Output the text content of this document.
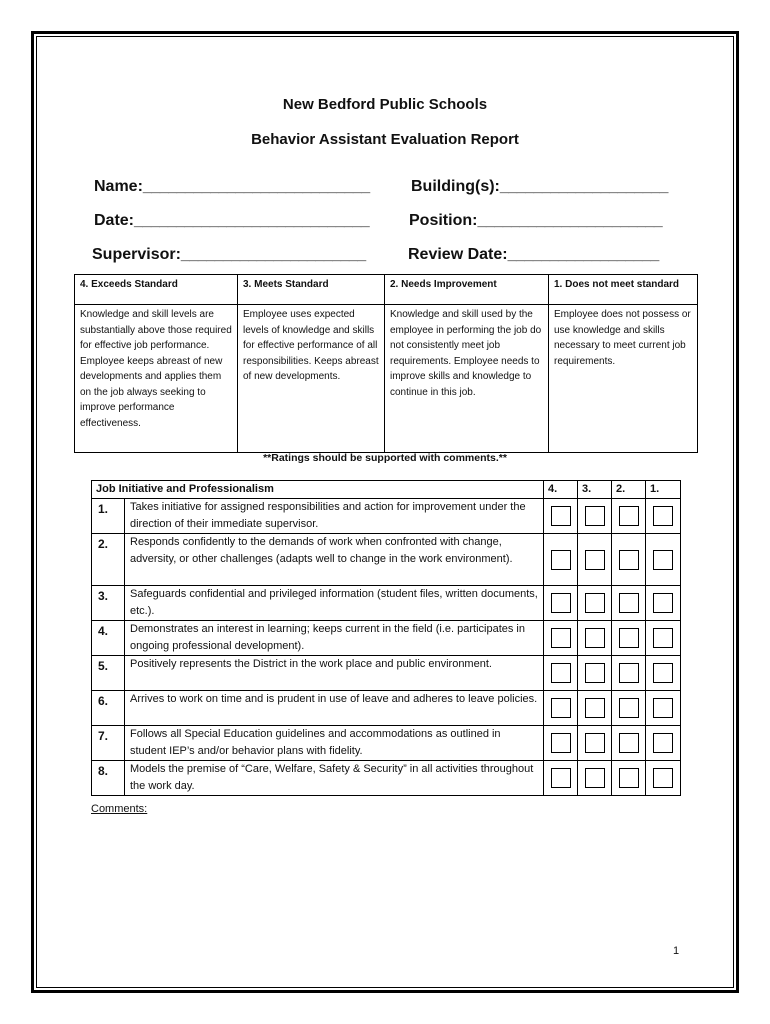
New Bedford Public Schools
Behavior Assistant Evaluation Report
Name:___________________________	Building(s):____________________
Date:____________________________ Position:______________________
Supervisor:______________________	Review Date:__________________
4. Exceeds Standard	3. Meets Standard	2. Needs Improvement	1. Does not meet standard
Knowledge and skill levels are substantially above those required for effective job performance. Employee keeps abreast of new developments and applies them on the job always seeking to improve performance effectiveness.	Employee uses expected levels of knowledge and skills for effective performance of all responsibilities. Keeps abreast of new developments.	Knowledge and skill used by the employee in performing the job do not consistently meet job requirements. Employee needs to improve skills and knowledge to continue in this job.	Employee does not possess or use knowledge and skills necessary to meet current job requirements.
**Ratings should be supported with comments.**
Job Initiative and Professionalism		4.	3.	2.	1.
1.	Takes initiative for assigned responsibilities and action for improvement under the direction of their immediate supervisor.				
2.	Responds confidently to the demands of work when confronted with change, adversity, or other challenges (adapts well to change in the work environment).				
3.	Safeguards confidential and privileged information (student files, written documents, etc.).				
4.	Demonstrates an interest in learning; keeps current in the field (i.e. participates in ongoing professional development).				
5.	Positively represents the District in the work place and public environment.				
6.	Arrives to work on time and is prudent in use of leave and adheres to leave policies.				
7.	Follows all Special Education guidelines and accommodations as outlined in student IEP’s and/or behavior plans with fidelity.				
8.	Models the premise of “Care, Welfare, Safety & Security” in all activities throughout the work day.				
Comments:
1
